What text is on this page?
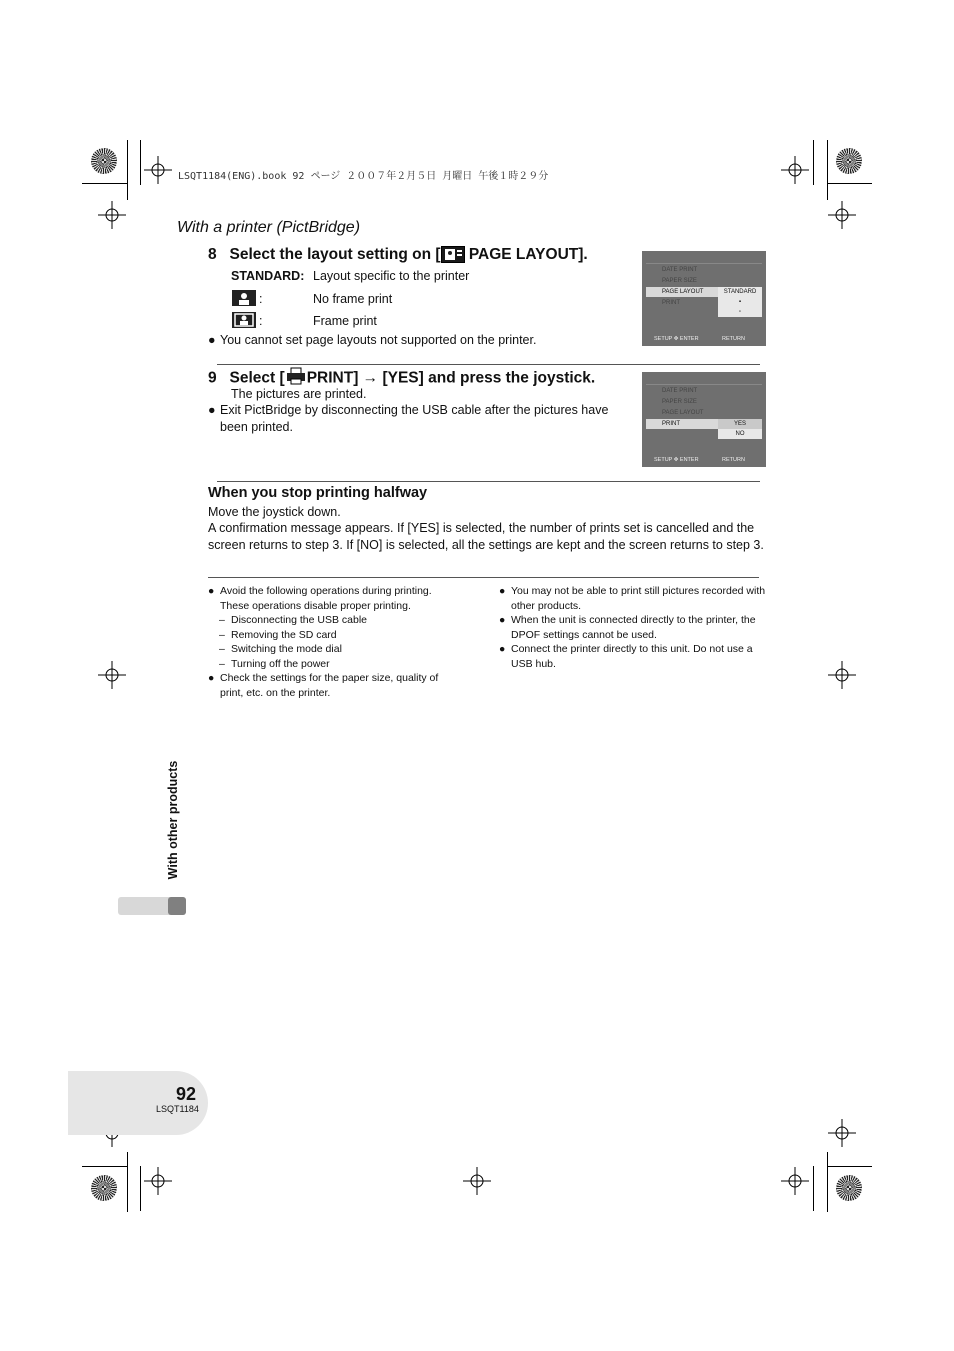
LSQT1184(ENG).book 92 ページ ２００７年２月５日 月曜日 午後１時２９分
With a printer (PictBridge)
8 Select the layout setting on [ PAGE LAYOUT].
STANDARD: Layout specific to the printer
:	No frame print
:	Frame print
● You cannot set page layouts not supported on the printer.
DATE PRINT
PAPER SIZE
PAGE LAYOUT
PRINT
STANDARD
▪
▫
SETUP ✥ ENTER	RETURN
9 Select [ PRINT] → [YES] and press the joystick.
The pictures are printed.
● Exit PictBridge by disconnecting the USB cable after the pictures have been printed.
DATE PRINT
PAPER SIZE
PAGE LAYOUT
PRINT	YES
NO
SETUP ✥ ENTER	RETURN
When you stop printing halfway
Move the joystick down.
A confirmation message appears. If [YES] is selected, the number of prints set is cancelled and the screen returns to step 3. If [NO] is selected, all the settings are kept and the screen returns to step 3.
● Avoid the following operations during printing. These operations disable proper printing.
– Disconnecting the USB cable
– Removing the SD card
– Switching the mode dial
– Turning off the power
● Check the settings for the paper size, quality of print, etc. on the printer.
● You may not be able to print still pictures recorded with other products.
● When the unit is connected directly to the printer, the DPOF settings cannot be used.
● Connect the printer directly to this unit. Do not use a USB hub.
With other products
92
LSQT1184
